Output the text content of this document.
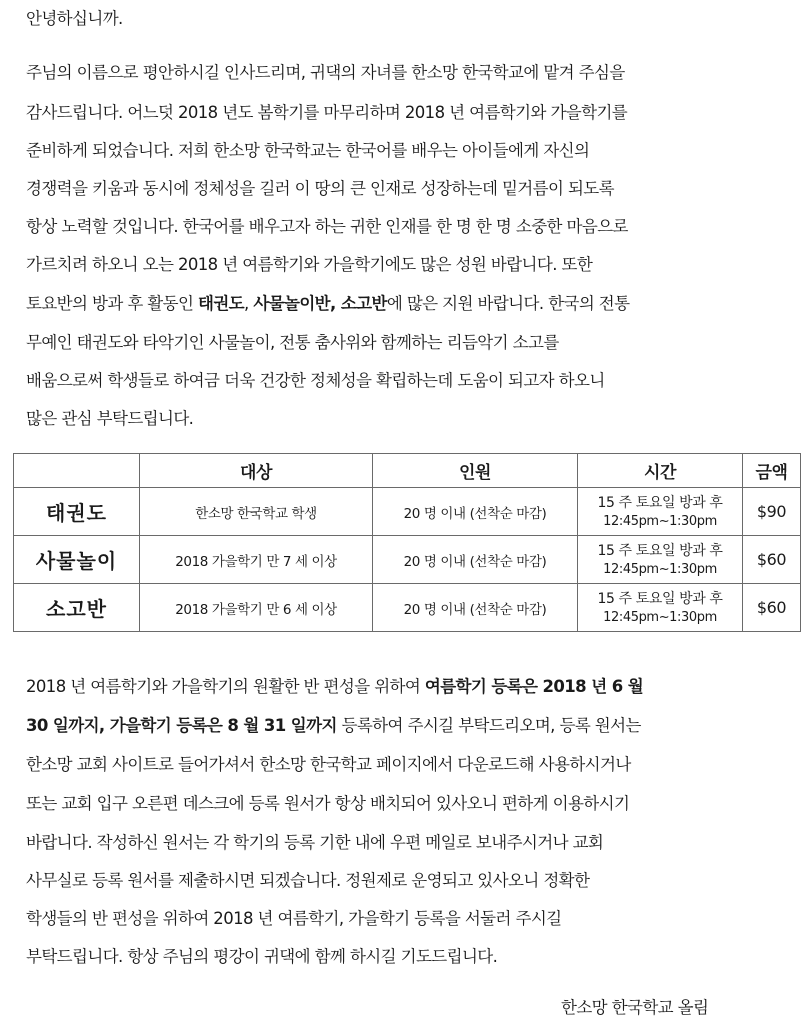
안녕하십니까.
주님의 이름으로 평안하시길 인사드리며, 귀댁의 자녀를 한소망 한국학교에 맡겨 주심을
감사드립니다. 어느덧 2018 년도 봄학기를 마무리하며 2018 년 여름학기와 가을학기를
준비하게 되었습니다. 저희 한소망 한국학교는 한국어를 배우는 아이들에게 자신의
경쟁력을 키움과 동시에 정체성을 길러 이 땅의 큰 인재로 성장하는데 밑거름이 되도록
항상 노력할 것입니다. 한국어를 배우고자 하는 귀한 인재를 한 명 한 명 소중한 마음으로
가르치려 하오니 오는 2018 년 여름학기와 가을학기에도 많은 성원 바랍니다. 또한
토요반의 방과 후 활동인 태권도, 사물놀이반, 소고반에 많은 지원 바랍니다. 한국의 전통
무예인 태권도와 타악기인 사물놀이, 전통 춤사위와 함께하는 리듬악기 소고를
배움으로써 학생들로 하여금 더욱 건강한 정체성을 확립하는데 도움이 되고자 하오니
많은 관심 부탁드립니다.
	대상	인원	시간	금액
태권도	한소망 한국학교 학생	20 명 이내 (선착순 마감)	15 주 토요일 방과 후
12:45pm~1:30pm	$90
사물놀이	2018 가을학기 만 7 세 이상	20 명 이내 (선착순 마감)	15 주 토요일 방과 후
12:45pm~1:30pm	$60
소고반	2018 가을학기 만 6 세 이상	20 명 이내 (선착순 마감)	15 주 토요일 방과 후
12:45pm~1:30pm	$60
2018 년 여름학기와 가을학기의 원활한 반 편성을 위하여 여름학기 등록은 2018 년 6 월
30 일까지, 가을학기 등록은 8 월 31 일까지 등록하여 주시길 부탁드리오며, 등록 원서는
한소망 교회 사이트로 들어가셔서 한소망 한국학교 페이지에서 다운로드해 사용하시거나
또는 교회 입구 오른편 데스크에 등록 원서가 항상 배치되어 있사오니 편하게 이용하시기
바랍니다. 작성하신 원서는 각 학기의 등록 기한 내에 우편 메일로 보내주시거나 교회
사무실로 등록 원서를 제출하시면 되겠습니다. 정원제로 운영되고 있사오니 정확한
학생들의 반 편성을 위하여 2018 년 여름학기, 가을학기 등록을 서둘러 주시길
부탁드립니다. 항상 주님의 평강이 귀댁에 함께 하시길 기도드립니다.
한소망 한국학교 올림
